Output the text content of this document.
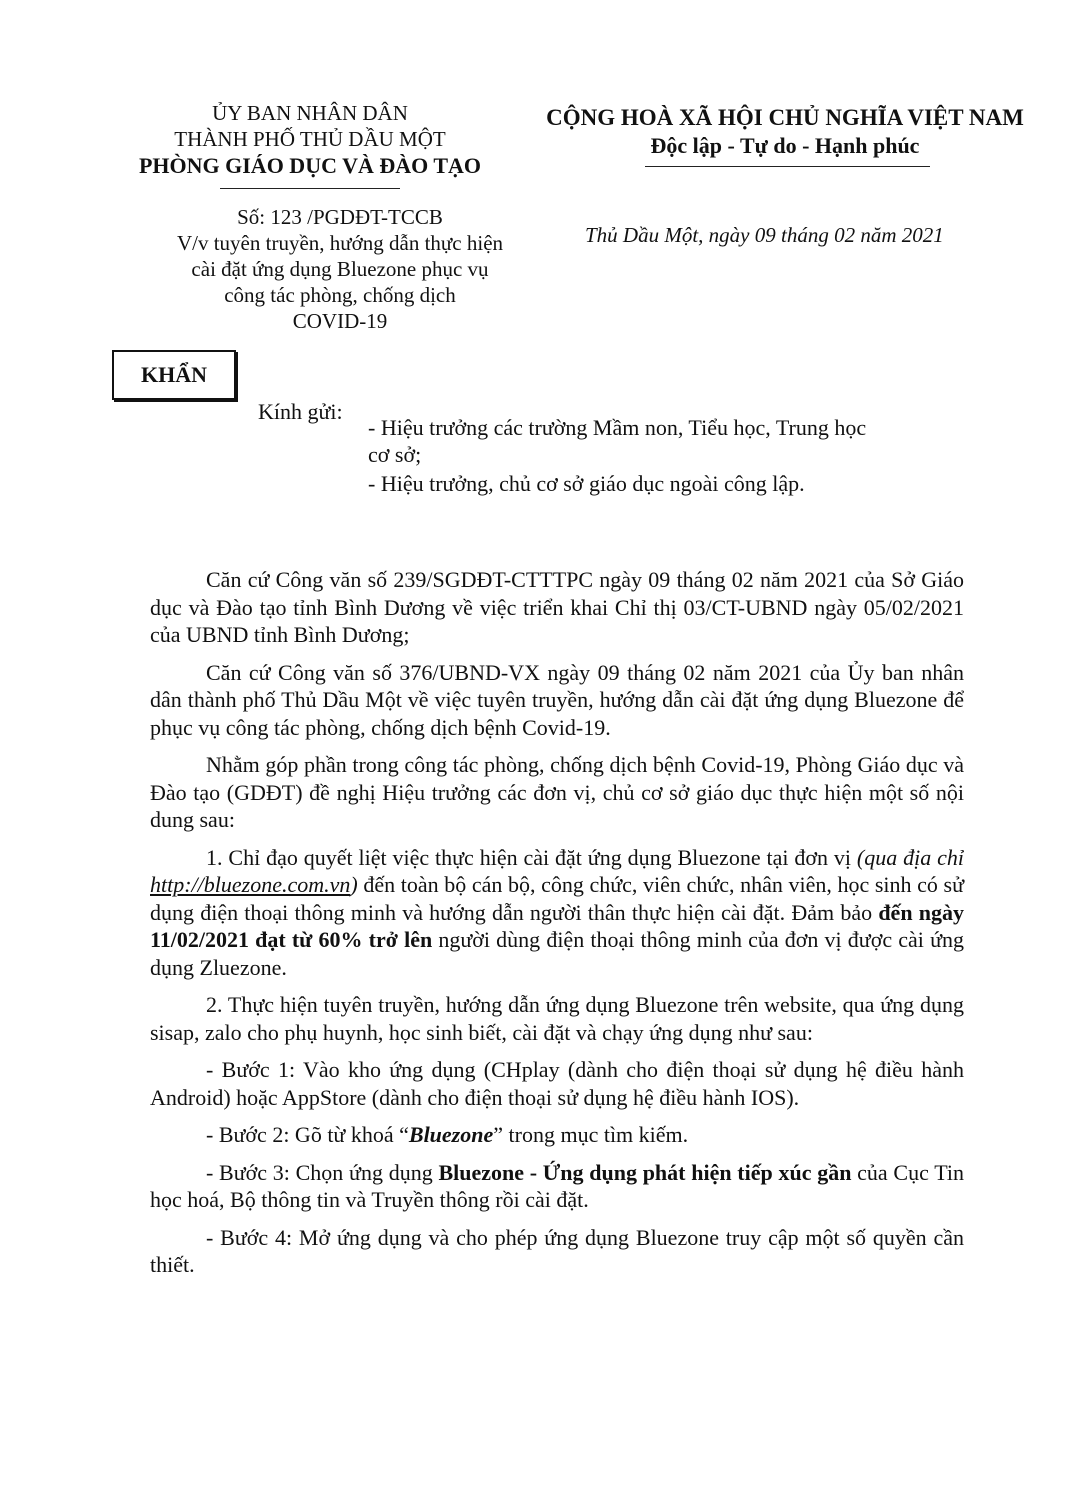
ỦY BAN NHÂN DÂN
THÀNH PHỐ THỦ DẦU MỘT
PHÒNG GIÁO DỤC VÀ ĐÀO TẠO
CỘNG HOÀ XÃ HỘI CHỦ NGHĨA VIỆT NAM
Độc lập - Tự do - Hạnh phúc
Số: 123 /PGDĐT-TCCB
V/v tuyên truyền, hướng dẫn thực hiện
cài đặt ứng dụng Bluezone phục vụ
công tác phòng, chống dịch
COVID-19
Thủ Dầu Một, ngày 09 tháng 02 năm 2021
KHẨN
Kính gửi:
- Hiệu trưởng các trường Mầm non, Tiểu học, Trung học
cơ sở;
- Hiệu trưởng, chủ cơ sở giáo dục ngoài công lập.

Căn cứ Công văn số 239/SGDĐT-CTTTPC ngày 09 tháng 02 năm 2021 của Sở Giáo dục và Đào tạo tỉnh Bình Dương về việc triển khai Chỉ thị 03/CT-UBND ngày 05/02/2021 của UBND tỉnh Bình Dương;

Căn cứ Công văn số 376/UBND-VX ngày 09 tháng 02 năm 2021 của Ủy ban nhân dân thành phố Thủ Dầu Một về việc tuyên truyền, hướng dẫn cài đặt ứng dụng Bluezone để phục vụ công tác phòng, chống dịch bệnh Covid-19.

Nhằm góp phần trong công tác phòng, chống dịch bệnh Covid-19, Phòng Giáo dục và Đào tạo (GDĐT) đề nghị Hiệu trưởng các đơn vị, chủ cơ sở giáo dục thực hiện một số nội dung sau:

1. Chỉ đạo quyết liệt việc thực hiện cài đặt ứng dụng Bluezone tại đơn vị (qua địa chỉ http://bluezone.com.vn) đến toàn bộ cán bộ, công chức, viên chức, nhân viên, học sinh có sử dụng điện thoại thông minh và hướng dẫn người thân thực hiện cài đặt. Đảm bảo đến ngày 11/02/2021 đạt từ 60% trở lên người dùng điện thoại thông minh của đơn vị được cài ứng dụng Zluezone.

2. Thực hiện tuyên truyền, hướng dẫn ứng dụng Bluezone trên website, qua ứng dụng sisap, zalo cho phụ huynh, học sinh biết, cài đặt và chạy ứng dụng như sau:

- Bước 1: Vào kho ứng dụng (CHplay (dành cho điện thoại sử dụng hệ điều hành Android) hoặc AppStore (dành cho điện thoại sử dụng hệ điều hành IOS).

- Bước 2: Gõ từ khoá “Bluezone” trong mục tìm kiếm.

- Bước 3: Chọn ứng dụng Bluezone - Ứng dụng phát hiện tiếp xúc gần của Cục Tin học hoá, Bộ thông tin và Truyền thông rồi cài đặt.

- Bước 4: Mở ứng dụng và cho phép ứng dụng Bluezone truy cập một số quyền cần thiết.
